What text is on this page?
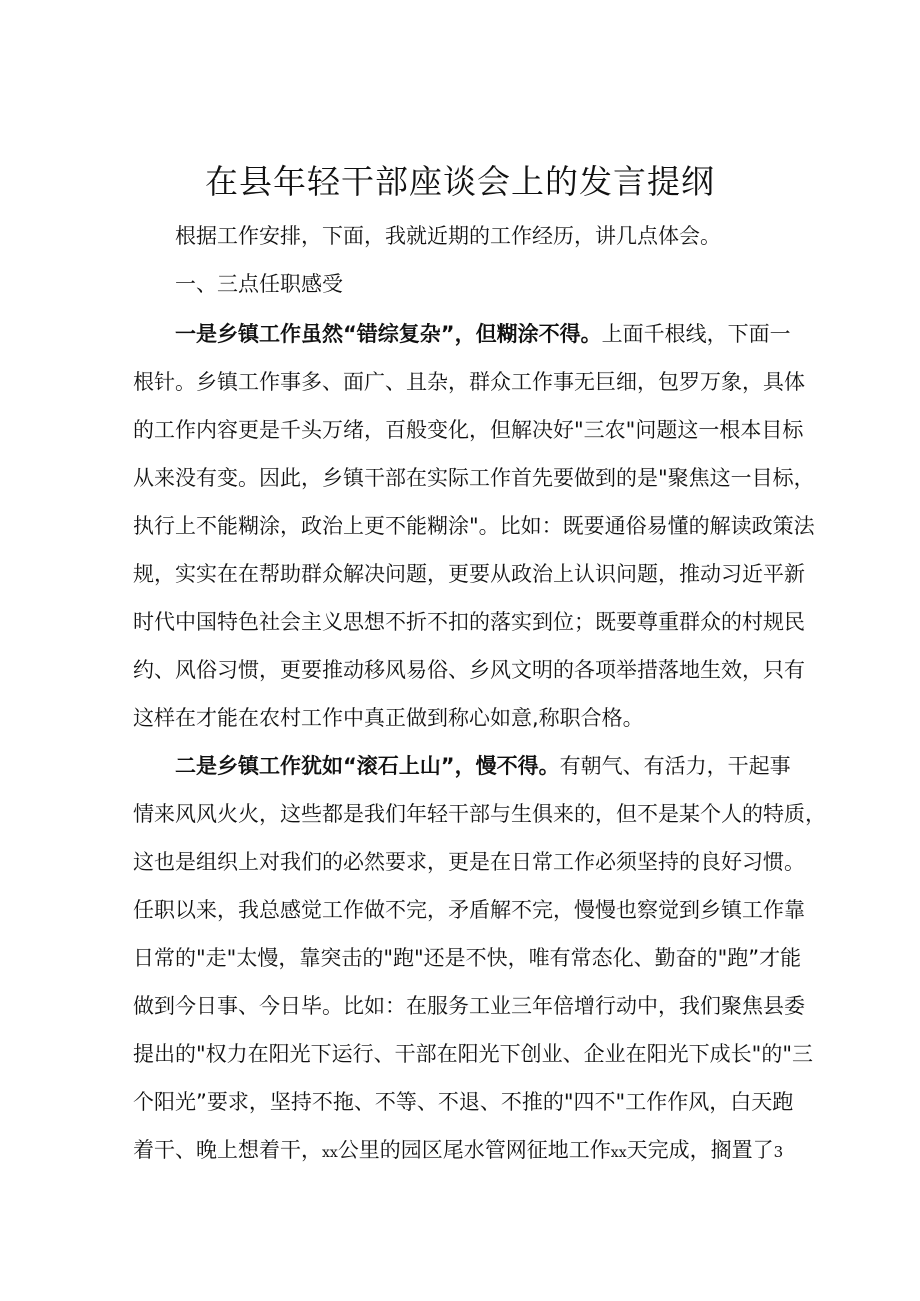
在县年轻干部座谈会上的发言提纲
根据工作安排，下面，我就近期的工作经历，讲几点体会。
一、三点任职感受
一是乡镇工作虽然“错综复杂”，但糊涂不得。上面千根线，下面一
根针。乡镇工作事多、面广、且杂，群众工作事无巨细，包罗万象，具体
的工作内容更是千头万绪，百般变化，但解决好"三农"问题这一根本目标
从来没有变。因此，乡镇干部在实际工作首先要做到的是"聚焦这一目标，
执行上不能糊涂，政治上更不能糊涂"。比如：既要通俗易懂的解读政策法
规，实实在在帮助群众解决问题，更要从政治上认识问题，推动习近平新
时代中国特色社会主义思想不折不扣的落实到位；既要尊重群众的村规民
约、风俗习惯，更要推动移风易俗、乡风文明的各项举措落地生效，只有
这样在才能在农村工作中真正做到称心如意,称职合格。
二是乡镇工作犹如“滚石上山”，慢不得。有朝气、有活力，干起事
情来风风火火，这些都是我们年轻干部与生俱来的，但不是某个人的特质，
这也是组织上对我们的必然要求，更是在日常工作必须坚持的良好习惯。
任职以来，我总感觉工作做不完，矛盾解不完，慢慢也察觉到乡镇工作靠
日常的"走"太慢，靠突击的"跑"还是不快，唯有常态化、勤奋的"跑”才能
做到今日事、今日毕。比如：在服务工业三年倍增行动中，我们聚焦县委
提出的"权力在阳光下运行、干部在阳光下创业、企业在阳光下成长"的"三
个阳光”要求，坚持不拖、不等、不退、不推的"四不"工作作风，白天跑
着干、晚上想着干，xx公里的园区尾水管网征地工作xx天完成，搁置了3
